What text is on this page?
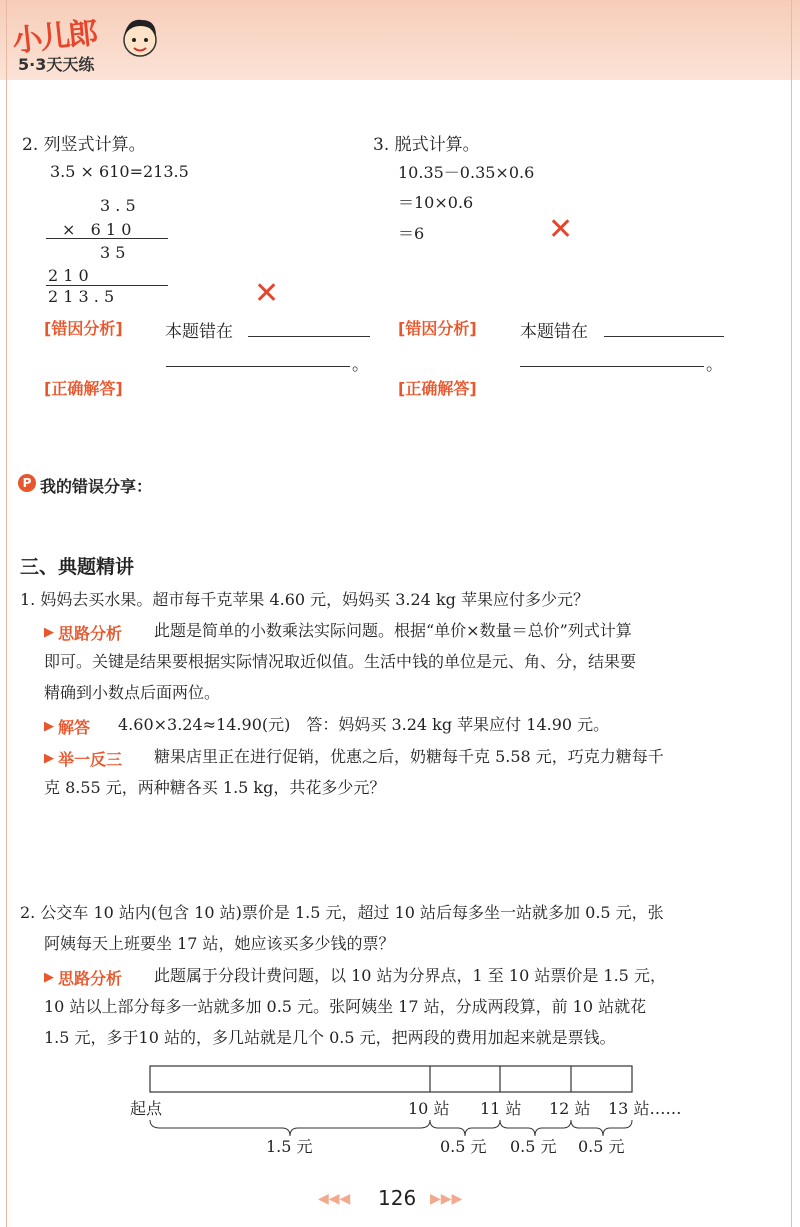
小儿郎
5·3天天练
2. 列竖式计算。
3.5 × 610=213.5
3 . 5
×   6 1 0
3 5
2 1 0
2 1 3 . 5	✕
[错因分析] 本题错在
。
[正确解答]
3. 脱式计算。
10.35－0.35×0.6
＝10×0.6
＝6	✕
[错因分析]	本题错在
。
[正确解答]
P 我的错误分享：
三、典题精讲
1. 妈妈去买水果。超市每千克苹果 4.60 元，妈妈买 3.24 kg 苹果应付多少元？
▶ 思路分析 此题是简单的小数乘法实际问题。根据“单价×数量＝总价”列式计算
即可。关键是结果要根据实际情况取近似值。生活中钱的单位是元、角、分，结果要
精确到小数点后面两位。
▶ 解答 4.60×3.24≈14.90(元)　答：妈妈买 3.24 kg 苹果应付 14.90 元。
▶ 举一反三 糖果店里正在进行促销，优惠之后，奶糖每千克 5.58 元，巧克力糖每千
克 8.55 元，两种糖各买 1.5 kg，共花多少元？
2. 公交车 10 站内(包含 10 站)票价是 1.5 元，超过 10 站后每多坐一站就多加 0.5 元，张
阿姨每天上班要坐 17 站，她应该买多少钱的票？
▶ 思路分析 此题属于分段计费问题，以 10 站为分界点，1 至 10 站票价是 1.5 元，
10 站以上部分每多一站就多加 0.5 元。张阿姨坐 17 站，分成两段算，前 10 站就花
1.5 元，多于10 站的，多几站就是几个 0.5 元，把两段的费用加起来就是票钱。
起点	10 站 11 站 12 站 13 站……
1.5 元	0.5 元 0.5 元 0.5 元
◀◀◀ 126 ▶▶▶
